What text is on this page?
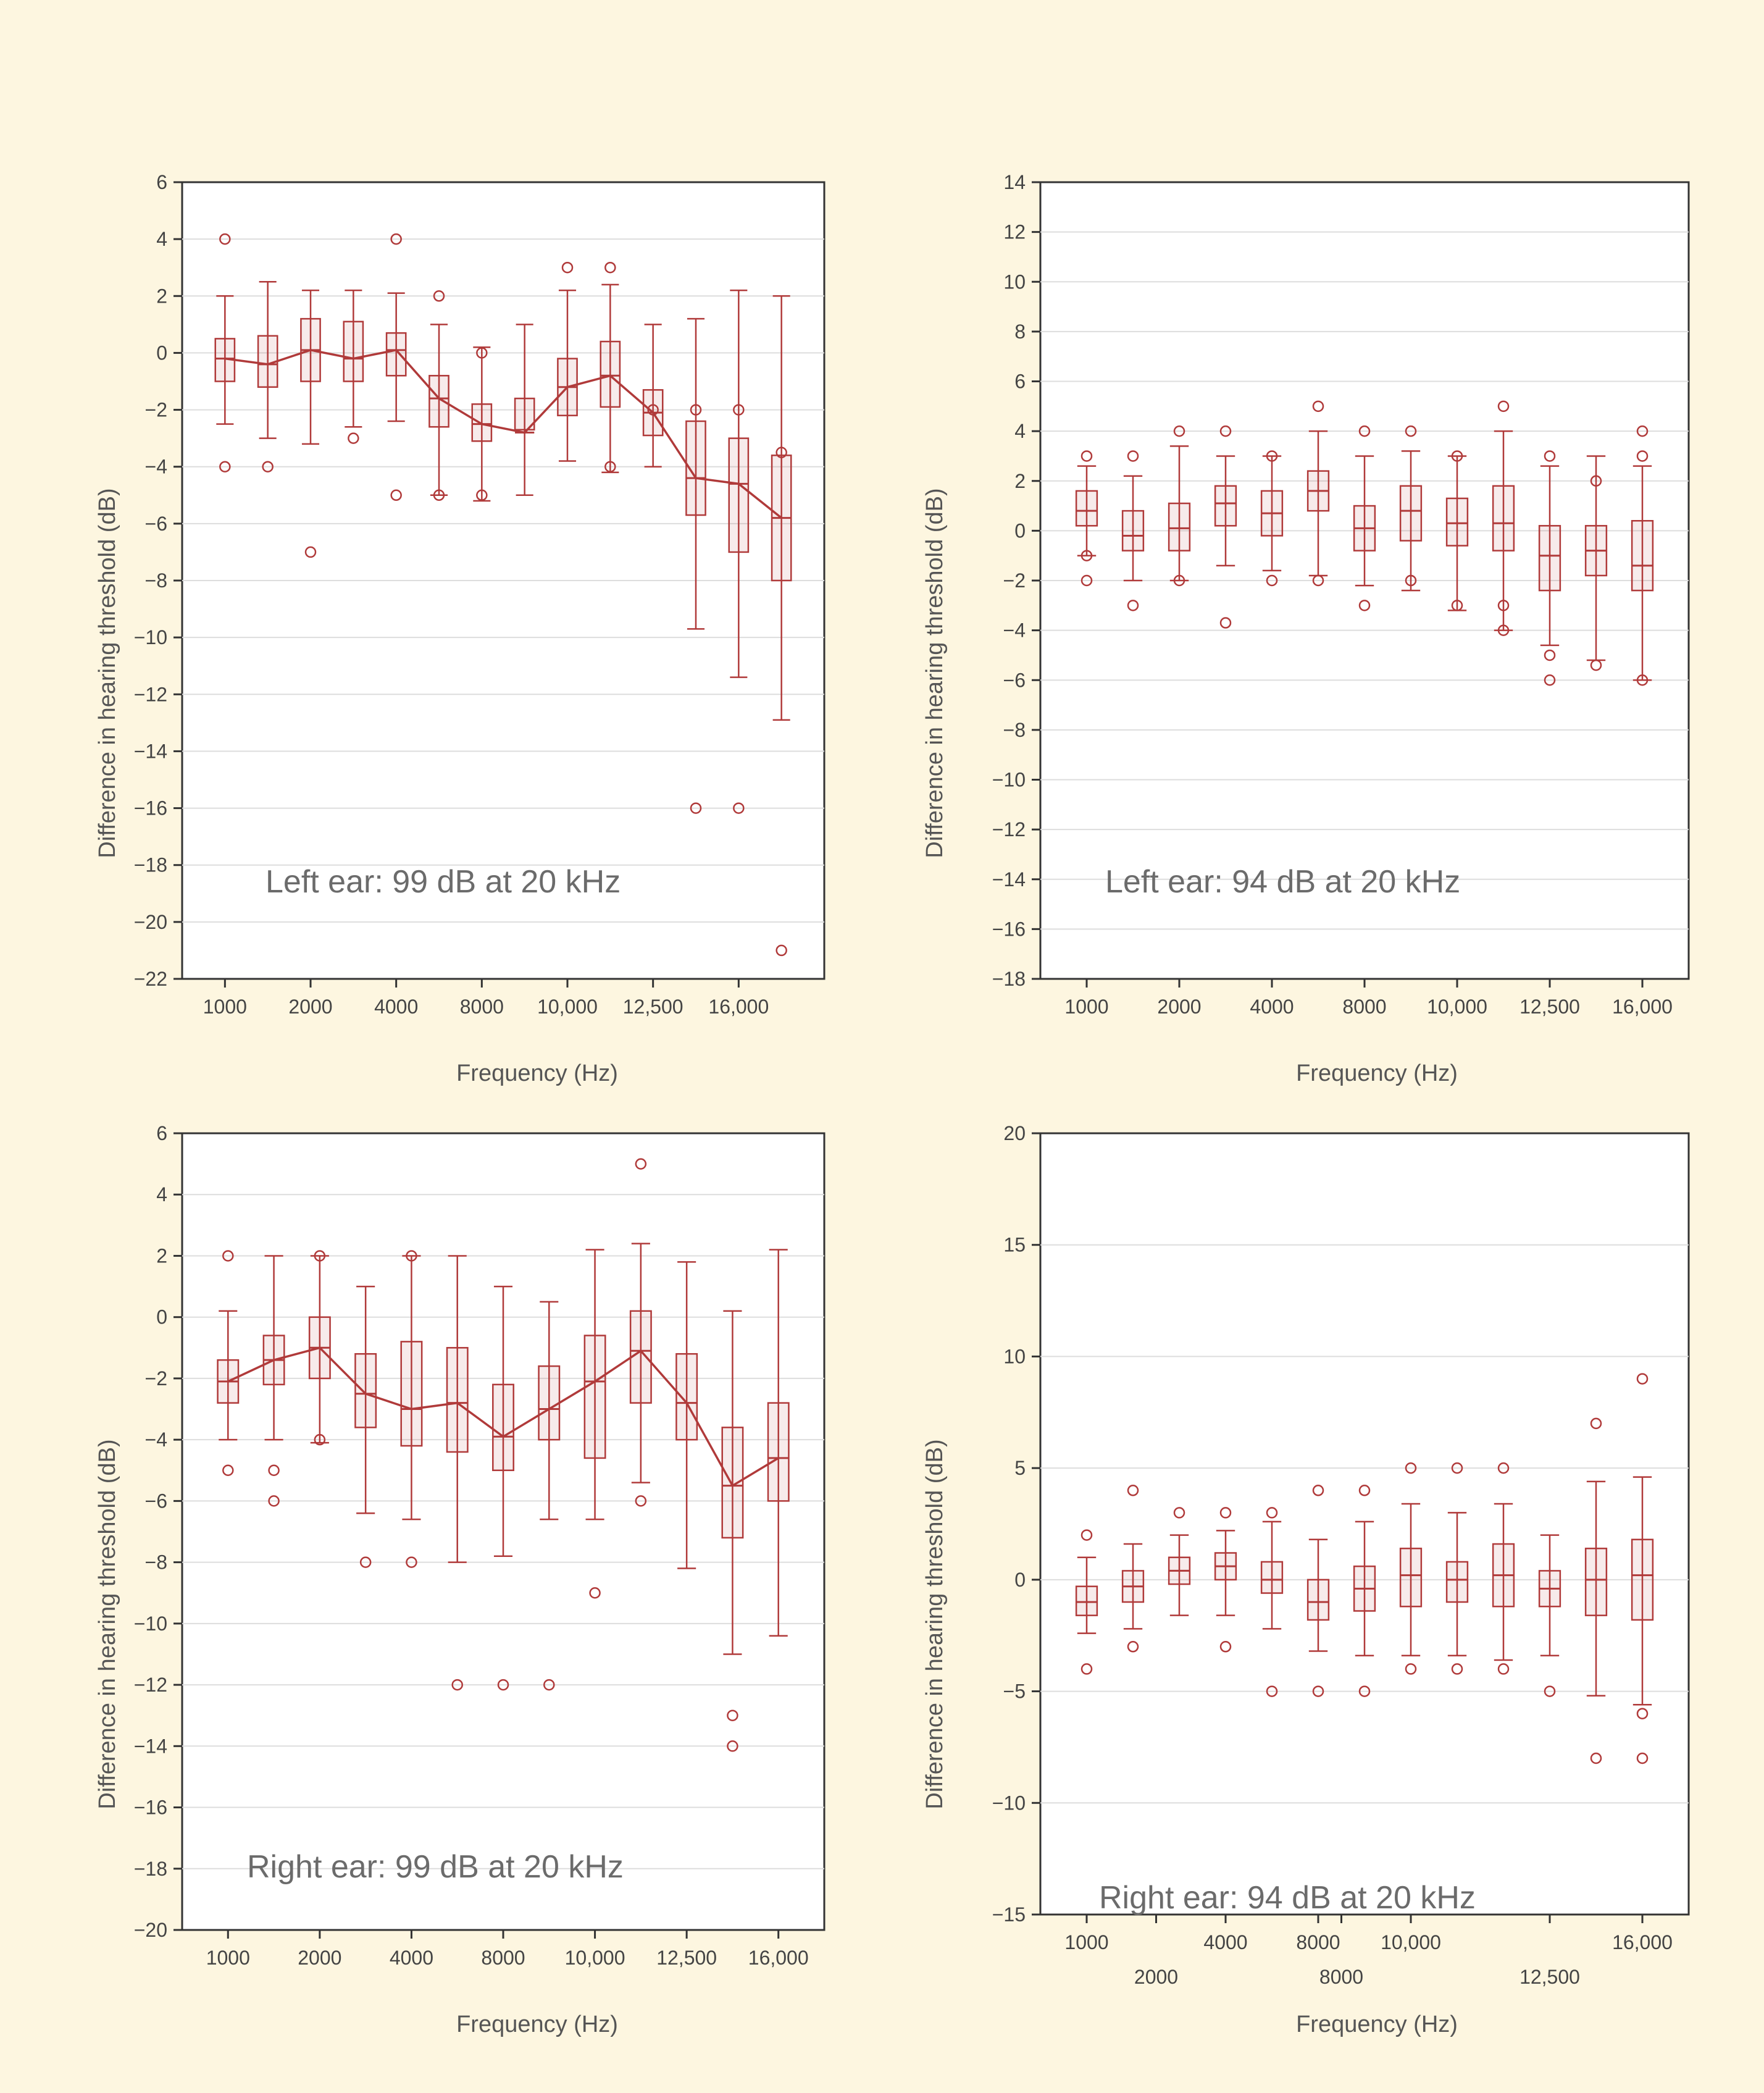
Difference in hearing threshold (dB)
6
4
2
0
−2
−4
−6
−8
−10
−12
−14
−16
−18
−20
−22
1000 2000 4000 8000 10,000 12,500 16,000
Frequency (Hz)
Left ear: 99 dB at 20 kHz
Difference in hearing threshold (dB)
14
12
10
8
6
4
2
0
−2
−4
−6
−8
−10
−12
−14
−16
−18
1000 2000 4000 8000 10,000 12,500 16,000
Frequency (Hz)
Left ear: 94 dB at 20 kHz
Difference in hearing threshold (dB)
6
4
2
0
−2
−4
−6
−8
−10
−12
−14
−16
−18
−20
1000 2000 4000 8000 10,000 12,500 16,000
Frequency (Hz)
Right ear: 99 dB at 20 kHz
Difference in hearing threshold (dB)
20
15
10
5
0
−5
−10
−15
1000	4000 8000 10,000	16,000
2000	8000	12,500
Frequency (Hz)
Right ear: 94 dB at 20 kHz
